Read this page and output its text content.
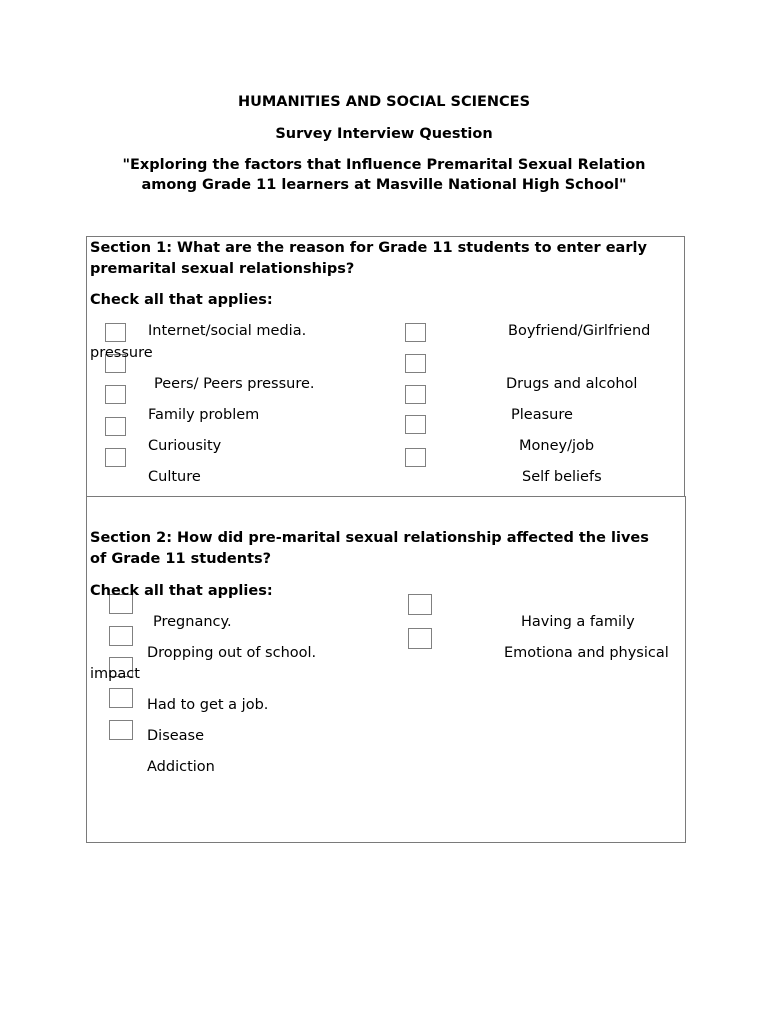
HUMANITIES AND SOCIAL SCIENCES

Survey Interview Question

"Exploring the factors that Influence Premarital Sexual Relation

among Grade 11 learners at Masville National High School"

Section 1: What are the reason for Grade 11 students to enter early

premarital sexual relationships?

Check all that applies:

Internet/social media.
Peers/ Peers pressure.
Family problem
Curiousity
Culture
Boyfriend/Girlfriend
pressure
Drugs and alcohol
Pleasure
Money/job
Self beliefs

Section 2: How did pre-marital sexual relationship affected the lives

of Grade 11 students?

Check all that applies:

Pregnancy.
Dropping out of school.
Had to get a job.
Disease
Addiction
Having a family
Emotiona and physical
impact
